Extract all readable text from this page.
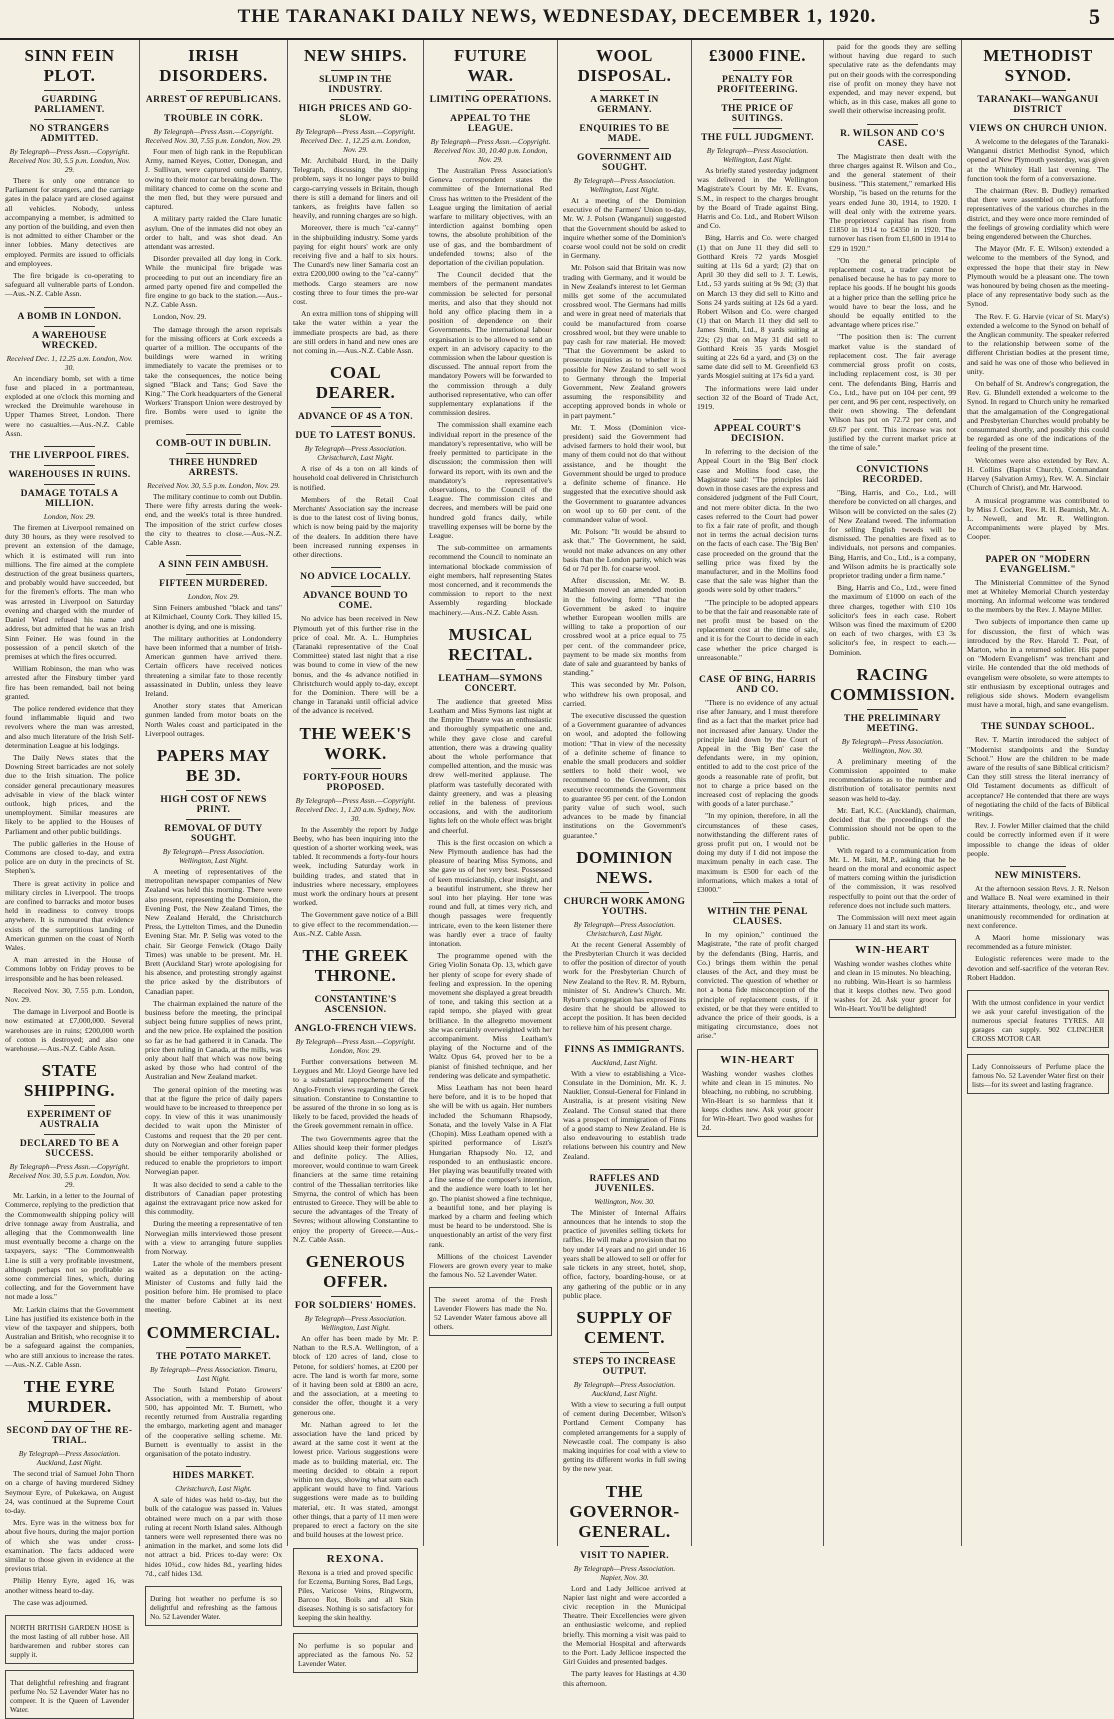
THE TARANAKI DAILY NEWS, WEDNESDAY, DECEMBER 1, 1920.	5
SINN FEIN PLOT.
GUARDING PARLIAMENT.
NO STRANGERS ADMITTED.
By Telegraph—Press Assn.—Copyright. Received Nov. 30, 5.5 p.m. London, Nov. 29.

There is only one entrance to Parliament for strangers, and the carriage gates in the palace yard are closed against all vehicles. Nobody, unless accompanying a member, is admitted to any portion of the building, and even then is not admitted to either Chamber or the inner lobbies. Many detectives are employed. Permits are issued to officials and employees.

The fire brigade is co-operating to safeguard all vulnerable parts of London.—Aus.-N.Z. Cable Assn.

A BOMB IN LONDON.
A WAREHOUSE WRECKED.
Received Dec. 1, 12.25 a.m. London, Nov. 30.

An incendiary bomb, set with a time fuse and placed in a portmanteau, exploded at one o'clock this morning and wrecked the Dreimuhle warehouse in Upper Thames Street, London. There were no casualties.—Aus.-N.Z. Cable Assn.

THE LIVERPOOL FIRES.
WAREHOUSES IN RUINS.
DAMAGE TOTALS A MILLION.
London, Nov. 29.

The firemen at Liverpool remained on duty 30 hours, as they were resolved to prevent an extension of the damage, which it is estimated will run into millions. The fire aimed at the complete destruction of the great business quarters, and probably would have succeeded, but for the firemen's efforts. The man who was arrested in Liverpool on Saturday evening and charged with the murder of Daniel Ward refused his name and address, but admitted that he was an Irish Sinn Feiner. He was found in the possession of a pencil sketch of the premises at which the fires occurred.

William Robinson, the man who was arrested after the Finsbury timber yard fire has been remanded, bail not being granted.

The police rendered evidence that they found inflammable liquid and two revolvers where the man was arrested, and also much literature of the Irish Self-determination League at his lodgings.

The Daily News states that the Downing Street barricades are not solely due to the Irish situation. The police consider general precautionary measures advisable in view of the black winter outlook, high prices, and the unemployment. Similar measures are likely to be applied to the Houses of Parliament and other public buildings.

The public galleries in the House of Commons are closed to-day, and extra police are on duty in the precincts of St. Stephen's.

There is great activity in police and military circles in Liverpool. The troops are confined to barracks and motor buses held in readiness to convey troops anywhere. It is rumoured that evidence exists of the surreptitious landing of American gunmen on the coast of North Wales.

A man arrested in the House of Commons lobby on Friday proves to be irresponsible and he has been released.

Received Nov. 30, 7.55 p.m. London, Nov. 29.

The damage in Liverpool and Bootle is now estimated at £7,000,000. Several warehouses are in ruins; £200,000 worth of cotton is destroyed; and also one warehouse.—Aus.-N.Z. Cable Assn.

STATE SHIPPING.
EXPERIMENT OF AUSTRALIA
DECLARED TO BE A SUCCESS.
By Telegraph—Press Assn.—Copyright. Received Nov. 30, 5.5 p.m. London, Nov. 29.

Mr. Larkin, in a letter to the Journal of Commerce, replying to the prediction that the Commonwealth shipping policy will drive tonnage away from Australia, and alleging that the Commonwealth line must eventually become a charge on the taxpayers, says: "The Commonwealth Line is still a very profitable investment, although perhaps not so profitable as some commercial lines, which, during collecting, and for the Government have not made a loss."

Mr. Larkin claims that the Government Line has justified its existence both in the view of the taxpayer and shippers, both Australian and British, who recognise it to be a safeguard against the companies, who are still anxious to increase the rates.—Aus.-N.Z. Cable Assn.

THE EYRE MURDER.
SECOND DAY OF THE RE-TRIAL.
By Telegraph—Press Association. Auckland, Last Night.

The second trial of Samuel John Thorn on a charge of having murdered Sidney Seymour Eyre, of Pukekawa, on August 24, was continued at the Supreme Court to-day.

Mrs. Eyre was in the witness box for about five hours, during the major portion of which she was under cross-examination. The facts adduced were similar to those given in evidence at the previous trial.

Philip Henry Eyre, aged 16, was another witness heard to-day.

The case was adjourned.

NORTH BRITISH GARDEN HOSE is the most lasting of all rubber hose. All hardwaremen and rubber stores can supply it.

That delightful refreshing and fragrant perfume No. 52 Lavender Water has no compeer. It is the Queen of Lavender Water.

IRISH DISORDERS.
ARREST OF REPUBLICANS.
TROUBLE IN CORK.
By Telegraph—Press Assn.—Copyright. Received Nov. 30, 7.55 p.m. London, Nov. 29.

Four men of high rank in the Republican Army, named Keyes, Cotter, Donegan, and J. Sullivan, were captured outside Bantry, owing to their motor car breaking down. The military chanced to come on the scene and the men fled, but they were pursued and captured.

A military party raided the Clare lunatic asylum. One of the inmates did not obey an order to halt, and was shot dead. An attendant was arrested.

Disorder prevailed all day long in Cork. While the municipal fire brigade was proceeding to put out an incendiary fire an armed party opened fire and compelled the fire engine to go back to the station.—Aus.-N.Z. Cable Assn.

London, Nov. 29.

The damage through the arson reprisals for the missing officers at Cork exceeds a quarter of a million. The occupants of the buildings were warned in writing immediately to vacate the premises or to take the consequences, the notice being signed "Black and Tans; God Save the King." The Cork headquarters of the General Workers' Transport Union were destroyed by fire. Bombs were used to ignite the premises.

COMB-OUT IN DUBLIN.
THREE HUNDRED ARRESTS.
Received Nov. 30, 5.5 p.m. London, Nov. 29.

The military continue to comb out Dublin. There were fifty arrests during the week-end, and the week's total is three hundred. The imposition of the strict curfew closes the city to theatres to close.—Aus.-N.Z. Cable Assn.

A SINN FEIN AMBUSH.
FIFTEEN MURDERED.
London, Nov. 29.

Sinn Feiners ambushed "black and tans" at Kilmichael, County Cork. They killed 15, another is dying, and one is missing.

The military authorities at Londonderry have been informed that a number of Irish-American gunmen have arrived there. Certain officers have received notices threatening a similar fate to those recently assassinated in Dublin, unless they leave Ireland.

Another story states that American gunmen landed from motor boats on the North Wales coast and participated in the Liverpool outrages.

PAPERS MAY BE 3D.
HIGH COST OF NEWS PRINT.
REMOVAL OF DUTY SOUGHT.
By Telegraph—Press Association. Wellington, Last Night.

A meeting of representatives of the metropolitan newspaper companies of New Zealand was held this morning. There were also present, representing the Dominion, the Evening Post, the New Zealand Times, the New Zealand Herald, the Christchurch Press, the Lyttelton Times, and the Dunedin Evening Star. Mr. P. Selig was voted to the chair. Sir George Fenwick (Otago Daily Times) was unable to be present. Mr. H. Brett (Auckland Star) wrote apologising for his absence, and protesting strongly against the price asked by the distributors of Canadian paper.

The chairman explained the nature of the business before the meeting, the principal subject being future supplies of news print, and the new price. He explained the position so far as he had gathered it in Canada. The price then ruling in Canada, at the mills, was only about half that which was now being asked by those who had control of the Australian and New Zealand market.

The general opinion of the meeting was that at the figure the price of daily papers would have to be increased to threepence per copy. In view of this it was unanimously decided to wait upon the Minister of Customs and request that the 20 per cent. duty on Norwegian and other foreign paper should be either temporarily abolished or reduced to enable the proprietors to import Norwegian paper.

It was also decided to send a cable to the distributors of Canadian paper protesting against the extravagant price now asked for this commodity.

During the meeting a representative of ten Norwegian mills interviewed those present with a view to arranging future supplies from Norway.

Later the whole of the members present waited as a deputation on the acting-Minister of Customs and fully laid the position before him. He promised to place the matter before Cabinet at its next meeting.

COMMERCIAL.
THE POTATO MARKET.
By Telegraph—Press Association. Timaru, Last Night.

The South Island Potato Growers' Association, with a membership of about 500, has appointed Mr. T. Burnett, who recently returned from Australia regarding the embargo, marketing agent and manager of the cooperative selling scheme. Mr. Burnett is eventually to assist in the organisation of the potato industry.

HIDES MARKET.
Christchurch, Last Night.

A sale of hides was held to-day, but the bulk of the catalogue was passed in. Values obtained were much on a par with those ruling at recent North Island sales. Although tanners were well represented there was no animation in the market, and some lots did not attract a bid. Prices to-day were: Ox hides 10¾d., cow hides 8d., yearling hides 7d., calf hides 13d.

During hot weather no perfume is so delightful and refreshing as the famous No. 52 Lavender Water.

NEW SHIPS.
SLUMP IN THE INDUSTRY.
HIGH PRICES AND GO-SLOW.
By Telegraph—Press Assn.—Copyright. Received Dec. 1, 12.25 a.m. London, Nov. 29.

Mr. Archibald Hurd, in the Daily Telegraph, discussing the shipping problem, says it no longer pays to build cargo-carrying vessels in Britain, though there is still a demand for liners and oil tankers, as freights have fallen so heavily, and running charges are so high.

Moreover, there is much "ca'-canny" in the shipbuilding industry. Some yards paying for eight hours' work are only receiving five and a half to six hours. The Cunard's new liner Samaria cost an extra £200,000 owing to the "ca'-canny" methods. Cargo steamers are now costing three to four times the pre-war cost.

An extra million tons of shipping will take the water within a year the immediate prospects are bad, as there are still orders in hand and new ones are not coming in.—Aus.-N.Z. Cable Assn.

COAL DEARER.
ADVANCE OF 4S A TON.
DUE TO LATEST BONUS.
By Telegraph—Press Association. Christchurch, Last Night.

A rise of 4s a ton on all kinds of household coal delivered in Christchurch is notified.

Members of the Retail Coal Merchants' Association say the increase is due to the latest cost of living bonus, which is now being paid by the majority of the dealers. In addition there have been increased running expenses in other directions.

NO ADVICE LOCALLY.
ADVANCE BOUND TO COME.

No advice has been received in New Plymouth yet of this further rise in the price of coal. Mr. A. L. Humphries (Taranaki representative of the Coal Committee) stated last night that a rise was bound to come in view of the new bonus, and the 4s advance notified in Christchurch would apply to-day, except for the Dominion. There will be a change in Taranaki until official advice of the advance is received.

THE WEEK'S WORK.
FORTY-FOUR HOURS PROPOSED.
By Telegraph—Press Assn.—Copyright. Received Dec. 1, 1.20 a.m. Sydney, Nov. 30.

In the Assembly the report by Judge Beeby, who has been inquiring into the question of a shorter working week, was tabled. It recommends a forty-four hours week, including Saturday work in building trades, and stated that in industries where necessary, employees must work the ordinary hours at present worked.

The Government gave notice of a Bill to give effect to the recommendation.—Aus.-N.Z. Cable Assn.

THE GREEK THRONE.
CONSTANTINE'S ASCENSION.
ANGLO-FRENCH VIEWS.
By Telegraph—Press Assn.—Copyright. London, Nov. 29.

Further conversations between M. Leygues and Mr. Lloyd George have led to a substantial rapprochement of the Anglo-French views regarding the Greek situation. Constantine to Constantine to be assured of the throne in so long as is likely to be faced, provided the heads of the Greek government remain in office.

The two Governments agree that the Allies should keep their former pledges and definite policy. The Allies, moreover, would continue to warn Greek financiers at the same time retaining control of the Thessalian territories like Smyrna, the control of which has been entrusted to Greece. They will be able to secure the advantages of the Treaty of Sevres; without allowing Constantine to enjoy the property of Greece.—Aus.-N.Z. Cable Assn.

GENEROUS OFFER.
FOR SOLDIERS' HOMES.
By Telegraph—Press Association. Wellington, Last Night.

An offer has been made by Mr. P. Nathan to the R.S.A. Wellington, of a block of 120 acres of land, close to Petone, for soldiers' homes, at £200 per acre. The land is worth far more, some of it having been sold at £800 an acre, and the association, at a meeting to consider the offer, thought it a very generous one.

Mr. Nathan agreed to let the association have the land priced by award at the same cost it went at the lowest price. Various suggestions were made as to building material, etc. The meeting decided to obtain a report within ten days, showing what sum each applicant would have to find. Various suggestions were made as to building material, etc. It was stated, amongst other things, that a party of 11 men were prepared to erect a factory on the site and build houses at the lowest price.

REXONA.

Rexona is a tried and proved specific for Eczema, Burning Sores, Bad Legs, Piles, Varicose Veins, Ringworm, Barcoo Rot, Boils and all Skin diseases. Nothing is so satisfactory for keeping the skin healthy.

No perfume is so popular and appreciated as the famous No. 52 Lavender Water.

FUTURE WAR.
LIMITING OPERATIONS.
APPEAL TO THE LEAGUE.
By Telegraph—Press Assn.—Copyright. Received Nov. 30, 10.40 p.m. London, Nov. 29.

The Australian Press Association's Geneva correspondent states the committee of the International Red Cross has written to the President of the League urging the limitation of aerial warfare to military objectives, with an interdiction against bombing open towns, the absolute prohibition of the use of gas, and the bombardment of undefended towns; also of the deportation of the civilian population.

The Council decided that the members of the permanent mandates commission be selected for personal merits, and also that they should not hold any office placing them in a position of dependence on their Governments. The international labour organisation is to be allowed to send an expert in an advisory capacity to the commission when the labour question is discussed. The annual report from the mandatory Powers will be forwarded to the commission through a duly authorised representative, who can offer supplementary explanations if the commission desires.

The commission shall examine each individual report in the presence of the mandatory's representative, who will be freely permitted to participate in the discussion; the commission then will forward its report, with its own and the mandatory's representative's observations, to the Council of the League. The commission cites and decrees, and members will be paid one hundred gold francs daily, while travelling expenses will be borne by the League.

The sub-committee on armaments recommend the Council to nominate an international blockade commission of eight members, half representing States most concerned, and it recommends the commission to report to the next Assembly regarding blockade machinery.—Aus.-N.Z. Cable Assn.

MUSICAL RECITAL.
LEATHAM—SYMONS CONCERT.

The audience that greeted Miss Leatham and Miss Symons last night at the Empire Theatre was an enthusiastic and thoroughly sympathetic one and, while they gave close and careful attention, there was a drawing quality about the whole performance that compelled attention, and the music was drew well-merited applause. The platform was tastefully decorated with dainty greenery, and was a pleasing relief in the baleness of previous occasions, and with the auditorium lights left on the whole effect was bright and cheerful.

This is the first occasion on which a New Plymouth audience has had the pleasure of hearing Miss Symons, and she gave us of her very best. Possessed of keen musicianship, clear insight, and a beautiful instrument, she threw her soul into her playing. Her tone was round and full, at times very rich, and though passages were frequently intricate, even to the keen listener there was hardly ever a trace of faulty intonation.

The programme opened with the Grieg Violin Sonata Op. 13, which gave her plenty of scope for every shade of feeling and expression. In the opening movement she displayed a great breadth of tone, and taking this section at a rapid tempo, she played with great brilliance. In the allegretto movement she was certainly overweighted with her accompaniment. Miss Leatham's playing of the Nocturne and of the Waltz Opus 64, proved her to be a pianist of finished technique, and her rendering was delicate and sympathetic.

Miss Leatham has not been heard here before, and it is to be hoped that she will be with us again. Her numbers included the Schumann Rhapsody, Sonata, and the lovely Valse in A Flat (Chopin). Miss Leatham opened with a spirited performance of Liszt's Hungarian Rhapsody No. 12, and responded to an enthusiastic encore. Her playing was beautifully treated with a fine sense of the composer's intention, and the audience were loath to let her go. The pianist showed a fine technique, a beautiful tone, and her playing is marked by a charm and feeling which must be heard to be understood. She is unquestionably an artist of the very first rank.

Millions of the choicest Lavender Flowers are grown every year to make the famous No. 52 Lavender Water.

The sweet aroma of the Fresh Lavender Flowers has made the No. 52 Lavender Water famous above all others.

WOOL DISPOSAL.
A MARKET IN GERMANY.
ENQUIRIES TO BE MADE.
GOVERNMENT AID SOUGHT.
By Telegraph—Press Association. Wellington, Last Night.

At a meeting of the Dominion executive of the Farmers' Union to-day, Mr. W. J. Polson (Wanganui) suggested that the Government should be asked to inquire whether some of the Dominion's coarse wool could not be sold on credit in Germany.

Mr. Polson said that Britain was now trading with Germany, and it would be in New Zealand's interest to let German mills get some of the accumulated crossbred wool. The Germans had mills and were in great need of materials that could be manufactured from coarse crossbred wool, but they were unable to pay cash for raw material. He moved: "That the Government be asked to prosecute inquiries as to whether it is possible for New Zealand to sell wool to Germany through the Imperial Government, New Zealand growers assuming the responsibility and accepting approved bonds in whole or in part payment."

Mr. T. Moss (Dominion vice-president) said the Government had advised farmers to hold their wool, but many of them could not do that without assistance, and he thought the Government should be urged to produce a definite scheme of finance. He suggested that the executive should ask the Government to guarantee advances on wool up to 60 per cent. of the commandeer value of wool.

Mr. Polson: "It would be absurd to ask that." The Government, he said, would not make advances on any other basis than the London parity, which was 6d or 7d per lb. for coarse wool.

After discussion, Mr. W. B. Mathieson moved an amended motion in the following form: "That the Government be asked to inquire whether European woollen mills are willing to take a proportion of our crossbred wool at a price equal to 75 per cent. of the commandeer price, payment to be made six months from date of sale and guaranteed by banks of standing."

This was seconded by Mr. Polson, who withdrew his own proposal, and carried.

The executive discussed the question of a Government guarantee of advances on wool, and adopted the following motion: "That in view of the necessity of a definite scheme of finance to enable the small producers and soldier settlers to hold their wool, we recommend to the Government, this executive recommends the Government to guarantee 95 per cent. of the London parity value of such wool, such advances to be made by financial institutions on the Government's guarantee."

DOMINION NEWS.
CHURCH WORK AMONG YOUTHS.
By Telegraph—Press Association. Christchurch, Last Night.

At the recent General Assembly of the Presbyterian Church it was decided to offer the position of director of youth work for the Presbyterian Church of New Zealand to the Rev. R. M. Ryburn, minister of St. Andrew's Church. Mr. Ryburn's congregation has expressed its desire that he should be allowed to accept the position. It has been decided to relieve him of his present charge.

FINNS AS IMMIGRANTS.
Auckland, Last Night.

With a view to establishing a Vice-Consulate in the Dominion, Mr. K. J. Nauklier, Consul-General for Finland in Australia, is at present visiting New Zealand. The Consul stated that there was a prospect of immigration of Finns of a good stamp to New Zealand. He is also endeavouring to establish trade relations between his country and New Zealand.

RAFFLES AND JUVENILES.
Wellington, Nov. 30.

The Minister of Internal Affairs announces that he intends to stop the practice of juveniles selling tickets for raffles. He will make a provision that no boy under 14 years and no girl under 16 years shall be allowed to sell or offer for sale tickets in any street, hotel, shop, office, factory, boarding-house, or at any gathering of the public or in any public place.

SUPPLY OF CEMENT.
STEPS TO INCREASE OUTPUT.
By Telegraph—Press Association. Auckland, Last Night.

With a view to securing a full output of cement during December, Wilson's Portland Cement Company has completed arrangements for a supply of Newcastle coal. The company is also making inquiries for coal with a view to getting its different works in full swing by the new year.

THE GOVERNOR-GENERAL.
VISIT TO NAPIER.
By Telegraph—Press Association. Napier, Nov. 30.

Lord and Lady Jellicoe arrived at Napier last night and were accorded a civic reception in the Municipal Theatre. Their Excellencies were given an enthusiastic welcome, and replied briefly. This morning a visit was paid to the Memorial Hospital and afterwards to the Port. Lady Jellicoe inspected the Girl Guides and presented badges.

The party leaves for Hastings at 4.30 this afternoon.

£3000 FINE.
PENALTY FOR PROFITEERING.
THE PRICE OF SUITINGS.
THE FULL JUDGMENT.
By Telegraph—Press Association. Wellington, Last Night.

As briefly stated yesterday judgment was delivered in the Wellington Magistrate's Court by Mr. E. Evans, S.M., in respect to the charges brought by the Board of Trade against Bing, Harris and Co. Ltd., and Robert Wilson and Co.

Bing, Harris and Co. were charged (1) that on June 11 they did sell to Gotthard Kreis 72 yards Mosgiel suiting at 11s 6d a yard; (2) that on April 30 they did sell to J. T. Lewis, Ltd., 53 yards suiting at 9s 9d; (3) that on March 13 they did sell to Kitto and Sons 24 yards suiting at 12s 6d a yard. Robert Wilson and Co. were charged (1) that on March 11 they did sell to James Smith, Ltd., 8 yards suiting at 22s; (2) that on May 31 did sell to Gotthard Kreis 35 yards Mosgiel suiting at 22s 6d a yard, and (3) on the same date did sell to M. Greenfield 63 yards Mosgiel suiting at 17s 6d a yard.

The informations were laid under section 32 of the Board of Trade Act, 1919.

APPEAL COURT'S DECISION.

In referring to the decision of the Appeal Court in the 'Big Ben' clock case and Mollins food case, the Magistrate said: "The principles laid down in those cases are the express and considered judgment of the Full Court, and not mere obiter dicta. In the two cases referred to the Court had power to fix a fair rate of profit, and though not in terms the actual decision turns on the facts of each case. The 'Big Ben' case proceeded on the ground that the selling price was fixed by the manufacturer, and in the Mollins food case that the sale was higher than the goods were sold by other traders."

"The principle to be adopted appears to be that the fair and reasonable rate of net profit must be based on the replacement cost at the time of sale, and it is for the Court to decide in each case whether the price charged is unreasonable."

CASE OF BING, HARRIS AND CO.

"There is no evidence of any actual rise after January, and I must therefore find as a fact that the market price had not increased after January. Under the principle laid down by the Court of Appeal in the 'Big Ben' case the defendants were, in my opinion, entitled to add to the cost price of the goods a reasonable rate of profit, but not to charge a price based on the increased cost of replacing the goods with goods of a later purchase."

"In my opinion, therefore, in all the circumstances of these cases, notwithstanding the different rates of gross profit put on, I would not be doing my duty if I did not impose the maximum penalty in each case. The maximum is £500 for each of the informations, which makes a total of £3000."

WITHIN THE PENAL CLAUSES.

In my opinion," continued the Magistrate, "the rate of profit charged by the defendants (Bing, Harris, and Co.) brings them within the penal clauses of the Act, and they must be convicted. The question of whether or not a bona fide misconception of the principle of replacement costs, if it existed, or be that they were entitled to advance the price of their goods, is a mitigating circumstance, does not arise."

WIN-HEART

Washing wonder washes clothes white and clean in 15 minutes. No bleaching, no rubbing, no scrubbing. Win-Heart is so harmless that it keeps clothes new. Ask your grocer for Win-Heart. Two good washes for 2d.

paid for the goods they are selling without having due regard to such speculative rate as the defendants may put on their goods with the corresponding rise of profit on money they have not expended, and may never expend, but which, as in this case, makes all gone to swell their otherwise increasing profit.

R. WILSON AND CO'S CASE.

The Magistrate then dealt with the three charges against R. Wilson and Co., and the general statement of their business. "This statement," remarked His Worship, "is based on the returns for the years ended June 30, 1914, to 1920. I will deal only with the extreme years. The proprietors' capital has risen from £1850 in 1914 to £4350 in 1920. The turnover has risen from £1,600 in 1914 to £29 in 1920."

"On the general principle of replacement cost, a trader cannot be penalised because he has to pay more to replace his goods. If he bought his goods at a higher price than the selling price he would have to bear the loss, and he should be equally entitled to the advantage where prices rise."

"The position then is: The current market value is the standard of replacement cost. The fair average commercial gross profit on costs, including replacement cost, is 30 per cent. The defendants Bing, Harris and Co., Ltd., have put on 104 per cent, 99 per cent, and 96 per cent, respectively, on their own showing. The defendant Wilson has put on 72.72 per cent, and 69.67 per cent. This increase was not justified by the current market price at the time of sale."

CONVICTIONS RECORDED.

"Bing, Harris, and Co., Ltd., will therefore be convicted on all charges, and Wilson will be convicted on the sales (2) of New Zealand tweed. The information for selling English tweeds will be dismissed. The penalties are fixed as to individuals, not persons and companies. Bing, Harris, and Co., Ltd., is a company, and Wilson admits he is practically sole proprietor trading under a firm name."

Bing, Harris and Co., Ltd., were fined the maximum of £1000 on each of the three charges, together with £10 10s solicitor's fees in each case. Robert Wilson was fined the maximum of £200 on each of two charges, with £3 3s solicitor's fee, in respect to each.—Dominion.

RACING COMMISSION.
THE PRELIMINARY MEETING.
By Telegraph—Press Association. Wellington, Nov. 30.

A preliminary meeting of the Commission appointed to make recommendations as to the number and distribution of totalisator permits next season was held to-day.

Mr. Earl, K.C. (Auckland), chairman, decided that the proceedings of the Commission should not be open to the public.

With regard to a communication from Mr. L. M. Isitt, M.P., asking that he be heard on the moral and economic aspect of matters coming within the jurisdiction of the commission, it was resolved respectfully to point out that the order of reference does not include such matters.

The Commission will next meet again on January 11 and start its work.

WIN-HEART

Washing wonder washes clothes white and clean in 15 minutes. No bleaching, no rubbing. Win-Heart is so harmless that it keeps clothes new. Two good washes for 2d. Ask your grocer for Win-Heart. You'll be delighted!

METHODIST SYNOD.
TARANAKI—WANGANUI DISTRICT
VIEWS ON CHURCH UNION.

A welcome to the delegates of the Taranaki-Wanganui district Methodist Synod, which opened at New Plymouth yesterday, was given at the Whiteley Hall last evening. The function took the form of a conversazione.

The chairman (Rev. B. Dudley) remarked that there were assembled on the platform representatives of the various churches in the district, and they were once more reminded of the feelings of growing cordiality which were being engendered between the Churches.

The Mayor (Mr. F. E. Wilson) extended a welcome to the members of the Synod, and expressed the hope that their stay in New Plymouth would be a pleasant one. The town was honoured by being chosen as the meeting-place of any representative body such as the Synod.

The Rev. F. G. Harvie (vicar of St. Mary's) extended a welcome to the Synod on behalf of the Anglican community. The speaker referred to the relationship between some of the different Christian bodies at the present time, and said he was one of those who believed in unity.

On behalf of St. Andrew's congregation, the Rev. G. Blundell extended a welcome to the Synod. In regard to Church unity he remarked that the amalgamation of the Congregational and Presbyterian Churches would probably be consummated shortly, and possibly this could be regarded as one of the indications of the feeling of the present time.

Welcomes were also extended by Rev. A. H. Collins (Baptist Church), Commandant Harvey (Salvation Army), Rev. W. A. Sinclair (Church of Christ), and Mr. Harwood.

A musical programme was contributed to by Miss J. Cocker, Rev. R. H. Beamish, Mr. A. L. Newell, and Mr. R. Wellington. Accompaniments were played by Mrs. Cooper.

PAPER ON "MODERN EVANGELISM."

The Ministerial Committee of the Synod met at Whiteley Memorial Church yesterday morning. An informal welcome was tendered to the members by the Rev. J. Mayne Miller.

Two subjects of importance then came up for discussion, the first of which was introduced by the Rev. Harold T. Peat, of Marton, who in a returned soldier. His paper on "Modern Evangelism" was trenchant and virile. He contended that the old methods of evangelism were obsolete, so were attempts to stir enthusiasm by exceptional outrages and religious side shows. Modern evangelism must have a moral, high, and sane evangelism.

THE SUNDAY SCHOOL.

Rev. T. Martin introduced the subject of "Modernist standpoints and the Sunday School." How are the children to be made aware of the results of sane Biblical criticism? Can they still stress the literal inerrancy of Old Testament documents as difficult of acceptance? He contended that there are ways of negotiating the child of the facts of Biblical writings.

Rev. J. Fowler Miller claimed that the child could be correctly informed even if it were impossible to change the ideas of older people.

NEW MINISTERS.

At the afternoon session Revs. J. R. Nelson and Wallace B. Neal were examined in their literary attainments, theology, etc., and were unanimously recommended for ordination at next conference.

A Maori home missionary was recommended as a future minister.

Eulogistic references were made to the devotion and self-sacrifice of the veteran Rev. Robert Haddon.

With the utmost confidence in your verdict we ask your careful investigation of the numerous special features TYRES. All garages can supply. 902 CLINCHER CROSS MOTOR CAR

Lady Connoisseurs of Perfume place the famous No. 52 Lavender Water first on their lists—for its sweet and lasting fragrance.
